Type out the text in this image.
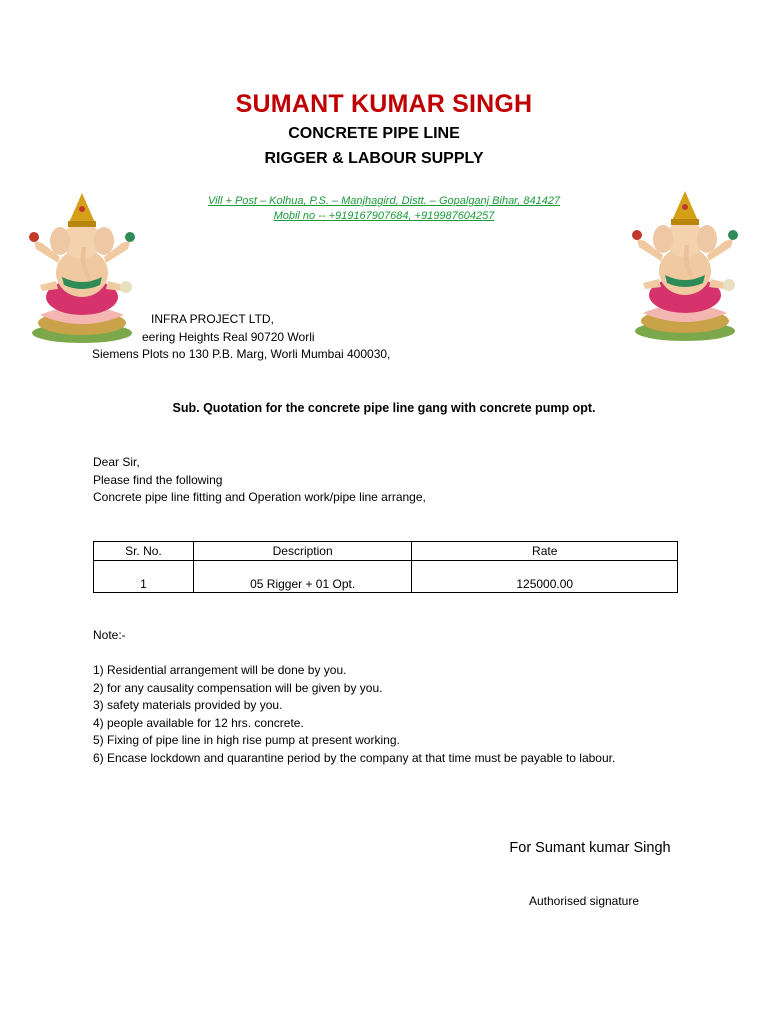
SUMANT KUMAR SINGH
CONCRETE PIPE LINE
RIGGER & LABOUR SUPPLY
Vill + Post – Kolhua, P.S. – Manjhagird, Distt. – Gopalganj Bihar, 841427
Mobil no -- +919167907684, +919987604257
INFRA PROJECT LTD,
eering Heights Real 90720 Worli
Siemens Plots no 130 P.B. Marg, Worli Mumbai 400030,
Sub. Quotation for the concrete pipe line gang with concrete pump opt.
Dear Sir,
Please find the following
Concrete pipe line fitting and Operation work/pipe line arrange,
Sr. No.	Description	Rate
1	05 Rigger + 01 Opt.	125000.00
Note:-
1) Residential arrangement will be done by you.
2) for any causality compensation will be given by you.
3) safety materials provided by you.
4) people available for 12 hrs. concrete.
5) Fixing of pipe line in high rise pump at present working.
6) Encase lockdown and quarantine period by the company at that time must be payable to labour.
For Sumant kumar Singh
Authorised signature
